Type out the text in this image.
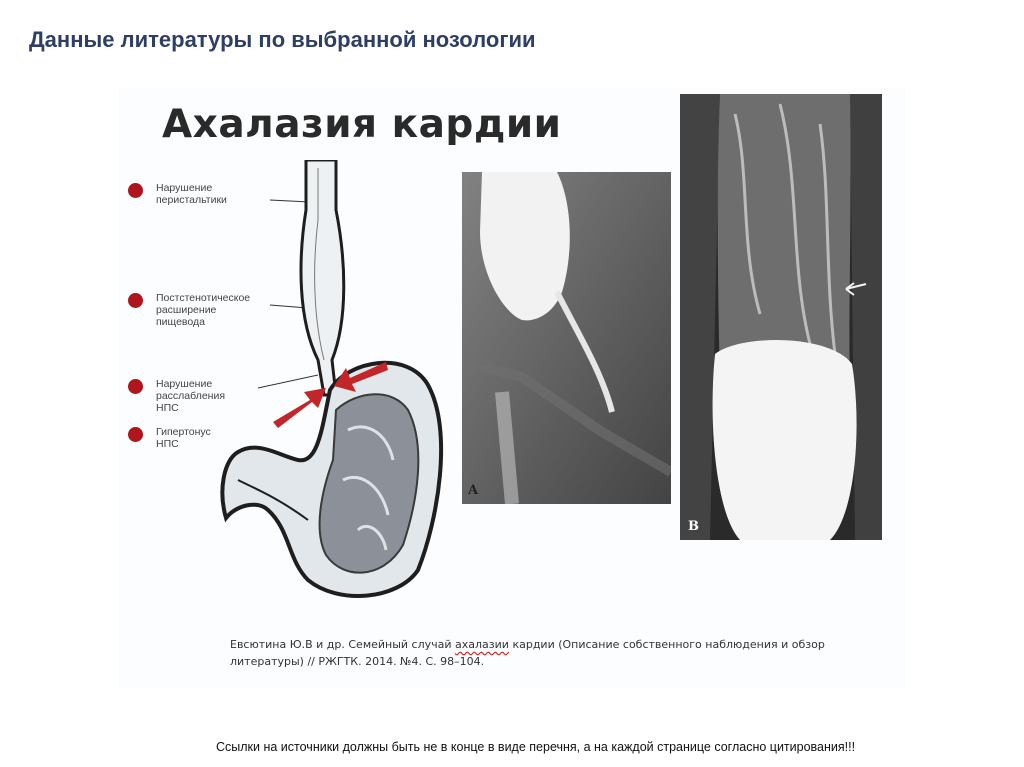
Данные литературы по выбранной нозологии
Ахалазия кардии
Нарушение
перистальтики
Постстенотическое
расширение
пищевода
Нарушение
расслабления
НПС
Гипертонус
НПС
A
B
Евсютина Ю.В и др. Семейный случай ахалазии кардии (Описание собственного наблюдения и обзор литературы) // РЖГТК. 2014. №4. С. 98–104.
Ссылки на источники должны быть не в конце в виде перечня, а на каждой странице согласно цитирования!!!
